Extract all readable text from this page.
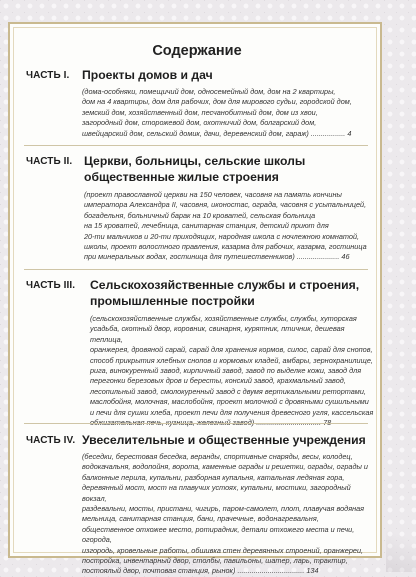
Содержание
ЧАСТЬ I. Проекты домов и дач
(дома-особняки, помещичий дом, односемейный дом, дом на 2 квартиры,
дом на 4 квартиры, дом для рабочих, дом для мирового судьи, городской дом,
земский дом, хозяйственный дом, песчанобитный дом, дом из хвои,
загородный дом, сторожевой дом, охотничий дом, болгарский дом,
швейцарский дом, сельский домик, дачи, деревенский дом, гараж) ................. 4
ЧАСТЬ II. Церкви, больницы, сельские школы
общественные жилые строения
(проект православной церкви на 150 человек, часовня на память кончины
императора Александра II, часовня, иконостас, ограда, часовня с усыпальницей,
богадельня, больничный барак на 10 кроватей, сельская больница
на 15 кроватей, лечебница, санитарная станция, детский приют для
20-ти мальчиков и 20-ти приходящих, народная школа с ночлежною комнатой,
школы, проект волостного правления, казарма для рабочих, казарма, гостиница
при минеральных водах, гостиница для путешественников) ..................... 46
ЧАСТЬ III. Сельскохозяйственные службы и строения,
промышленные постройки
(сельскохозяйственные службы, хозяйственные службы, службы, хуторская
усадьба, скотный двор, коровник, свинарня, курятник, птичник, дешевая теплица,
оранжерея, дровяной сарай, сарай для хранения кормов, силос, сарай для снопов,
способ прикрытия хлебных снопов и кормовых кладей, амбары, зернохранилище,
рига, винокуренный завод, кирпичный завод, завод по выделке кожи, завод для
перегонки березовых дров и бересты, конский завод, крахмальный завод,
лесопильный завод, смолокуренный завод с двумя вертикальными ретортами,
маслобойня, молочная, маслобойня, проект молочной с дровяными сушильными
и печи для сушки хлеба, проект печи для получения древесного угля, кассельская
ЧАСТЬ IV. Увеселительные и общественные учреждения
(беседки, берестовая беседка, веранды, спортивные снаряды, весы, колодец,
водокачальня, водопойня, ворота, каменные ограды и решетки, ограды, ограды и
балконные перила, купальни, разборная купальня, катальная ледяная гора,
деревянный мост, мост на плавучих устоях, купальни, мостики, загородный вокзал,
раздевальни, мосты, пристани, чигирь, паром-самолет, плот, плавучая водяная
мельница, санитарная станция, бани, прачечные, водонагревальня,
общественное отхожее место, ротирадник, детали отхожего места и печи, огорода,
изгородь, кровельные работы, обшивка стен деревянных строений, оранжереи,
постройка, инвентарный двор, столбы, павильоны, шатер, ларь, трактир,
постоялый двор, почтовая станция, рынок) ................................. 134
